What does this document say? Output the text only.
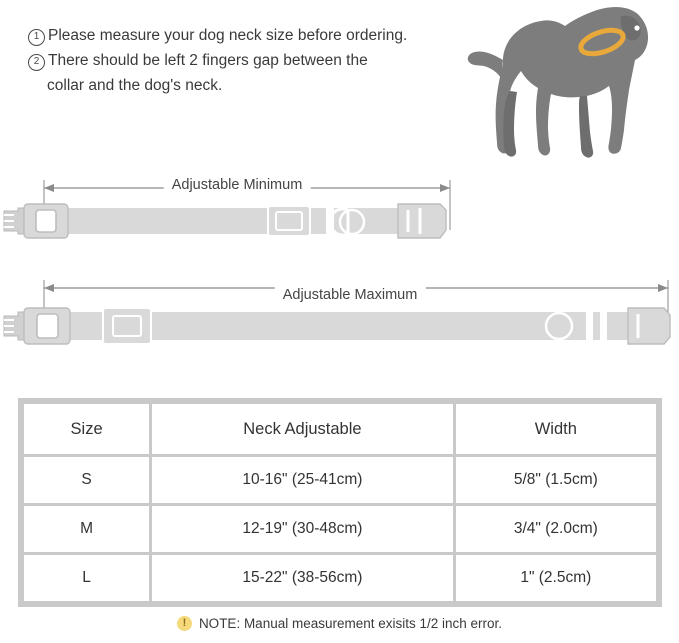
1 Please measure your dog neck size before ordering.
2 There should be left 2 fingers gap between the
collar and the dog's neck.
Adjustable Minimum
Adjustable Maximum
Size	Neck Adjustable	Width
S	10-16" (25-41cm)	5/8" (1.5cm)
M	12-19" (30-48cm)	3/4" (2.0cm)
L	15-22" (38-56cm)	1" (2.5cm)
! NOTE: Manual measurement exisits 1/2 inch error.
